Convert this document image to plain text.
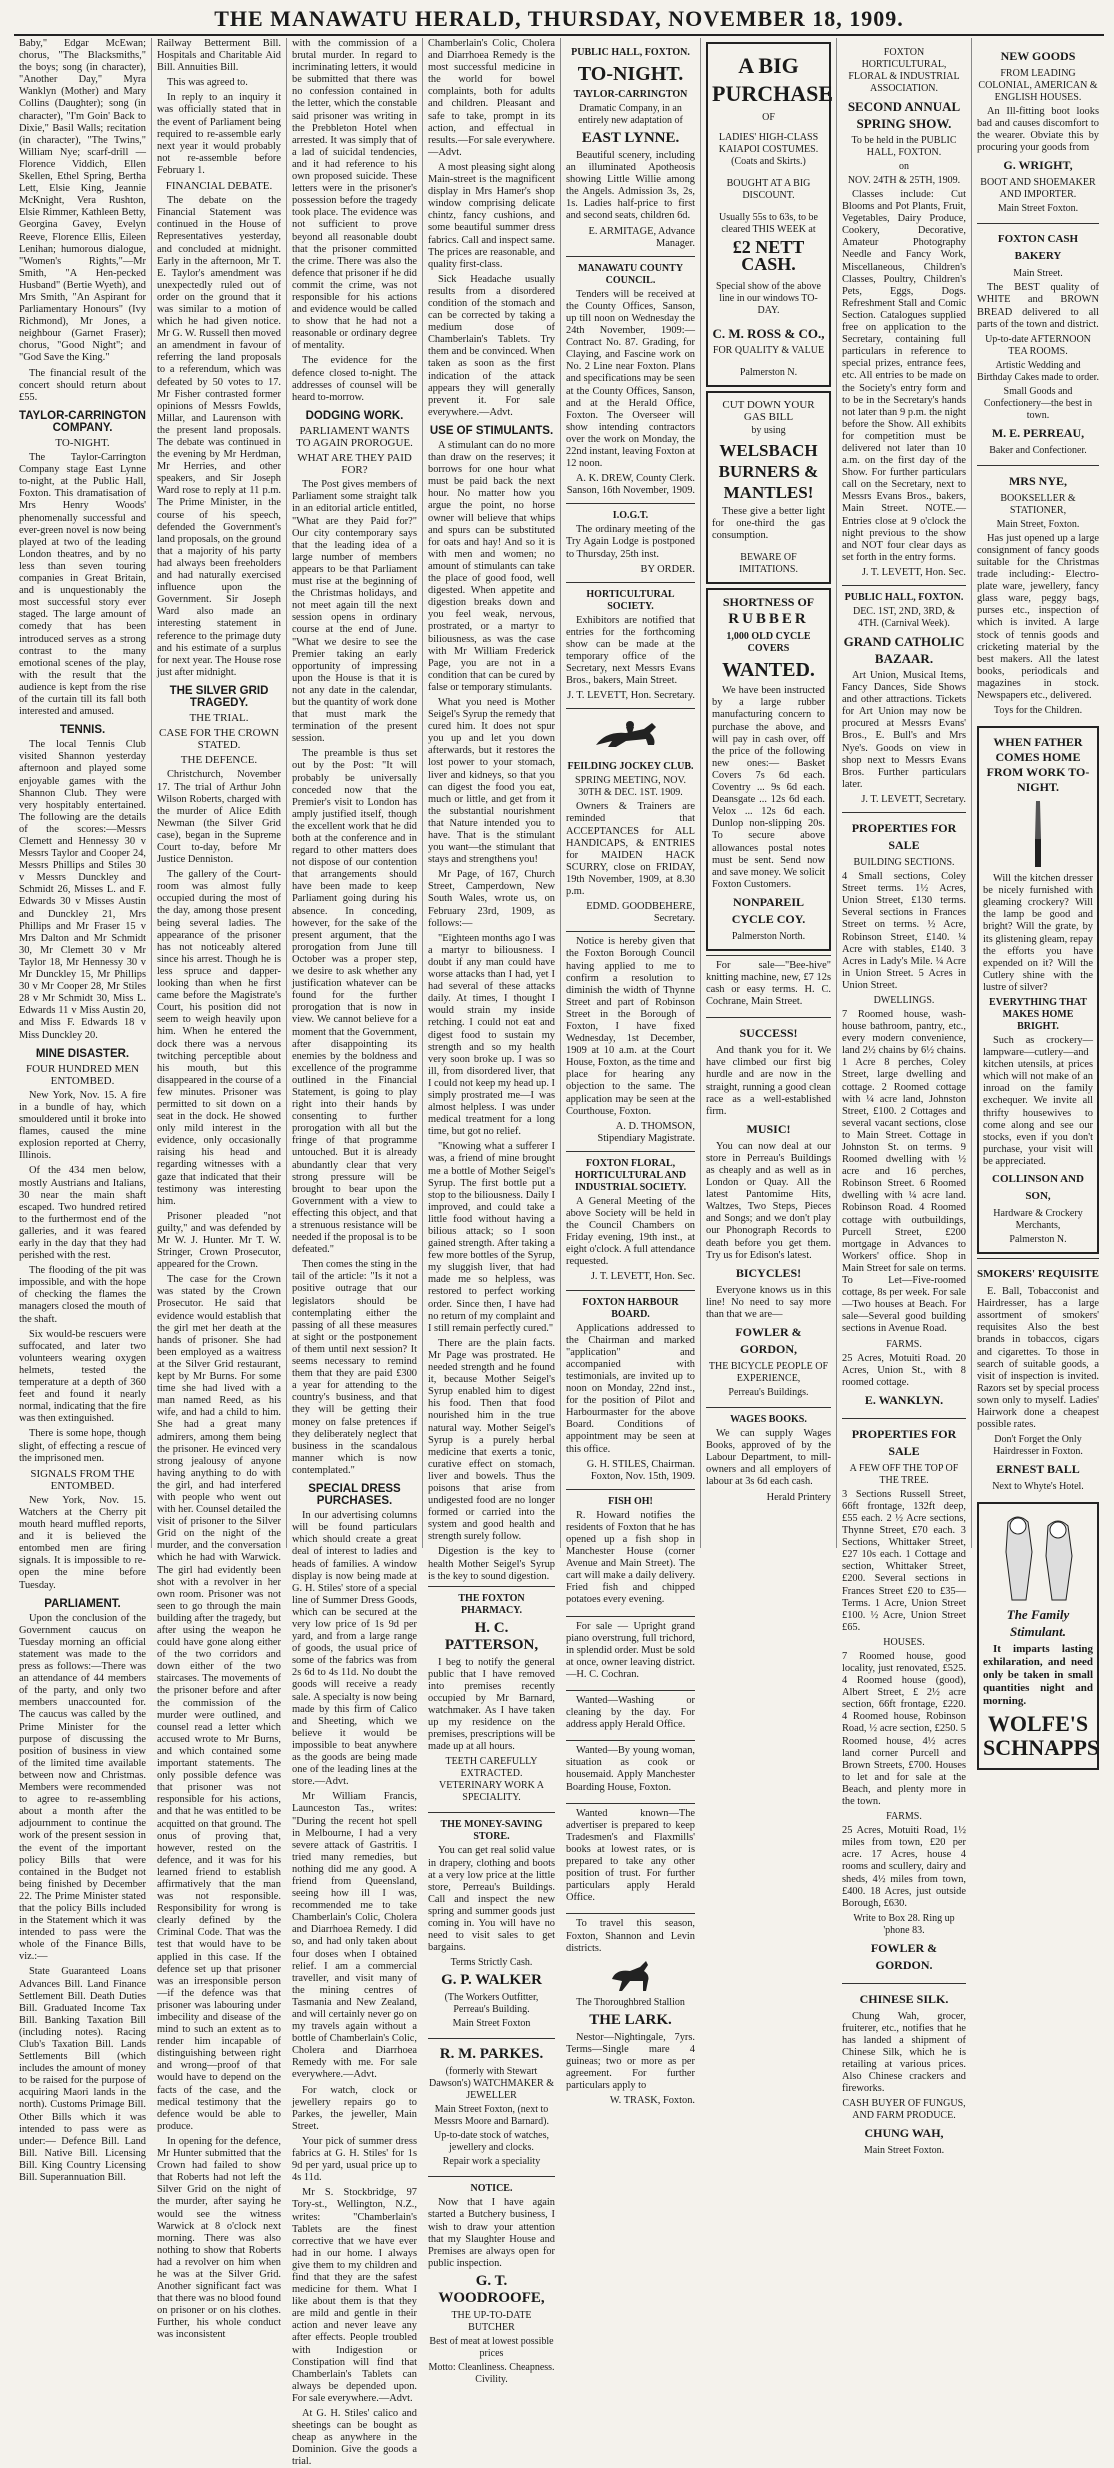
THE MANAWATU HERALD, THURSDAY, NOVEMBER 18, 1909.

Baby," Edgar McEwan; chorus, "The Blacksmiths," the boys; song (in character), "Another Day," Myra Wanklyn (Mother) and Mary Collins (Daughter); song (in character), "I'm Goin' Back to Dixie," Basil Walls; recitation (in character), "The Twins," William Nye; scarf-drill —Florence Viddich, Ellen Skellen, Ethel Spring, Bertha Lett, Elsie King, Jeannie McKnight, Vera Rushton, Elsie Rimmer, Kathleen Betty, Georgina Gavey, Evelyn Reeve, Florence Ellis, Eileen Lenihan; humorous dialogue, "Women's Rights,"—Mr Smith, "A Hen-pecked Husband" (Bertie Wyeth), and Mrs Smith, "An Aspirant for Parliamentary Honours" (Ivy Richmond), Mr Jones, a neighbour (Garnet Fraser); chorus, "Good Night"; and "God Save the King."

The financial result of the concert should return about £55.

TAYLOR-CARRINGTON COMPANY.
TO-NIGHT.

The Taylor-Carrington Company stage East Lynne to-night, at the Public Hall, Foxton. This dramatisation of Mrs Henry Woods' phenomenally successful and ever-green novel is now being played at two of the leading London theatres, and by no less than seven touring companies in Great Britain, and is unquestionably the most successful story ever staged. The large amount of comedy that has been introduced serves as a strong contrast to the many emotional scenes of the play, with the result that the audience is kept from the rise of the curtain till its fall both interested and amused.

TENNIS.

The local Tennis Club visited Shannon yesterday afternoon and played some enjoyable games with the Shannon Club. They were very hospitably entertained. The following are the details of the scores:—Messrs Clemett and Hennessy 30 v Messrs Taylor and Cooper 24, Messrs Phillips and Stiles 30 v Messrs Dunckley and Schmidt 26, Misses L. and F. Edwards 30 v Misses Austin and Dunckley 21, Mrs Phillips and Mr Fraser 15 v Mrs Dalton and Mr Schmidt 30, Mr Clemett 30 v Mr Taylor 18, Mr Hennessy 30 v Mr Dunckley 15, Mr Phillips 30 v Mr Cooper 28, Mr Stiles 28 v Mr Schmidt 30, Miss L. Edwards 11 v Miss Austin 20, and Miss F. Edwards 18 v Miss Dunckley 20.

MINE DISASTER.
FOUR HUNDRED MEN ENTOMBED.

New York, Nov. 15. A fire in a bundle of hay, which smouldered until it broke into flames, caused the mine explosion reported at Cherry, Illinois.

Of the 434 men below, mostly Austrians and Italians, 30 near the main shaft escaped. Two hundred retired to the furthermost end of the galleries, and it was feared early in the day that they had perished with the rest.

The flooding of the pit was impossible, and with the hope of checking the flames the managers closed the mouth of the shaft.

Six would-be rescuers were suffocated, and later two volunteers wearing oxygen helmets, tested the temperature at a depth of 360 feet and found it nearly normal, indicating that the fire was then extinguished.

There is some hope, though slight, of effecting a rescue of the imprisoned men.

SIGNALS FROM THE ENTOMBED.

New York, Nov. 15. Watchers at the Cherry pit mouth heard muffled reports, and it is believed the entombed men are firing signals. It is impossible to re-open the mine before Tuesday.

PARLIAMENT.

Upon the conclusion of the Government caucus on Tuesday morning an official statement was made to the press as follows:—There was an attendance of 44 members of the party, and only two members unaccounted for. The caucus was called by the Prime Minister for the purpose of discussing the position of business in view of the limited time available between now and Christmas. Members were recommended to agree to re-assembling about a month after the adjournment to continue the work of the present session in the event of the important policy Bills that were contained in the Budget not being finished by December 22. The Prime Minister stated that the policy Bills included in the Statement which it was intended to pass were the whole of the Finance Bills, viz.:—

State Guaranteed Loans Advances Bill. Land Finance Settlement Bill. Death Duties Bill. Graduated Income Tax Bill. Banking Taxation Bill (including notes). Racing Club's Taxation Bill. Lands Settlements Bill (which includes the amount of money to be raised for the purpose of acquiring Maori lands in the north). Customs Primage Bill. Other Bills which it was intended to pass were as under:— Defence Bill. Land Bill. Native Bill. Licensing Bill. King Country Licensing Bill. Superannuation Bill.

Railway Betterment Bill. Hospitals and Charitable Aid Bill. Annuities Bill.

This was agreed to.

In reply to an inquiry it was officially stated that in the event of Parliament being required to re-assemble early next year it would probably not re-assemble before February 1.

FINANCIAL DEBATE.

The debate on the Financial Statement was continued in the House of Representatives yesterday, and concluded at midnight. Early in the afternoon, Mr T. E. Taylor's amendment was unexpectedly ruled out of order on the ground that it was similar to a motion of which he had given notice. Mr G. W. Russell then moved an amendment in favour of referring the land proposals to a referendum, which was defeated by 50 votes to 17. Mr Fisher contrasted former opinions of Messrs Fowlds, Millar, and Laurenson with the present land proposals. The debate was continued in the evening by Mr Herdman, Mr Herries, and other speakers, and Sir Joseph Ward rose to reply at 11 p.m. The Prime Minister, in the course of his speech, defended the Government's land proposals, on the ground that a majority of his party had always been freeholders and had naturally exercised influence upon the Government. Sir Joseph Ward also made an interesting statement in reference to the primage duty and his estimate of a surplus for next year. The House rose just after midnight.

THE SILVER GRID TRAGEDY.
THE TRIAL.
CASE FOR THE CROWN STATED.
THE DEFENCE.

Christchurch, November 17. The trial of Arthur John Wilson Roberts, charged with the murder of Alice Edith Newman (the Silver Grid case), began in the Supreme Court to-day, before Mr Justice Denniston.

The gallery of the Court-room was almost fully occupied during the most of the day, among those present being several ladies. The appearance of the prisoner has not noticeably altered since his arrest. Though he is less spruce and dapper-looking than when he first came before the Magistrate's Court, his position did not seem to weigh heavily upon him. When he entered the dock there was a nervous twitching perceptible about his mouth, but this disappeared in the course of a few minutes. Prisoner was permitted to sit down on a seat in the dock. He showed only mild interest in the evidence, only occasionally raising his head and regarding witnesses with a gaze that indicated that their testimony was interesting him.

Prisoner pleaded "not guilty," and was defended by Mr W. J. Hunter. Mr T. W. Stringer, Crown Prosecutor, appeared for the Crown.

The case for the Crown was stated by the Crown Prosecutor. He said that evidence would establish that the girl met her death at the hands of prisoner. She had been employed as a waitress at the Silver Grid restaurant, kept by Mr Burns. For some time she had lived with a man named Reed, as his wife, and had a child to him. She had a great many admirers, among them being the prisoner. He evinced very strong jealousy of anyone having anything to do with the girl, and had interfered with people who went out with her. Counsel detailed the visit of prisoner to the Silver Grid on the night of the murder, and the conversation which he had with Warwick. The girl had evidently been shot with a revolver in her own room. Prisoner was not seen to go through the main building after the tragedy, but after using the weapon he could have gone along either of the two corridors and down either of the two staircases. The movements of the prisoner before and after the commission of the murder were outlined, and counsel read a letter which accused wrote to Mr Burns, and which contained some important statements. The only possible defence was that prisoner was not responsible for his actions, and that he was entitled to be acquitted on that ground. The onus of proving that, however, rested on the defence, and it was for his learned friend to establish affirmatively that the man was not responsible. Responsibility for wrong is clearly defined by the Criminal Code. That was the test that would have to be applied in this case. If the defence set up that prisoner was an irresponsible person—if the defence was that prisoner was labouring under imbecility and disease of the mind to such an extent as to render him incapable of distinguishing between right and wrong—proof of that would have to depend on the facts of the case, and the medical testimony that the defence would be able to produce.

In opening for the defence, Mr Hunter submitted that the Crown had failed to show that Roberts had not left the Silver Grid on the night of the murder, after saying he would see the witness Warwick at 8 o'clock next morning. There was also nothing to show that Roberts had a revolver on him when he was at the Silver Grid. Another significant fact was that there was no blood found on prisoner or on his clothes. Further, his whole conduct was inconsistent

with the commission of a brutal murder. In regard to incriminating letters, it would be submitted that there was no confession contained in the letter, which the constable said prisoner was writing in the Prebbleton Hotel when arrested. It was simply that of a lad of suicidal tendencies, and it had reference to his own proposed suicide. These letters were in the prisoner's possession before the tragedy took place. The evidence was not sufficient to prove beyond all reasonable doubt that the prisoner committed the crime. There was also the defence that prisoner if he did commit the crime, was not responsible for his actions and evidence would be called to show that he had not a reasonable or ordinary degree of mentality.

The evidence for the defence closed to-night. The addresses of counsel will be heard to-morrow.

DODGING WORK.
PARLIAMENT WANTS TO AGAIN PROROGUE.
WHAT ARE THEY PAID FOR?

The Post gives members of Parliament some straight talk in an editorial article entitled, "What are they Paid for?" Our city contemporary says that the leading idea of a large number of members appears to be that Parliament must rise at the beginning of the Christmas holidays, and not meet again till the next session opens in ordinary course at the end of June. "What we desire to see the Premier taking an early opportunity of impressing upon the House is that it is not any date in the calendar, but the quantity of work done that must mark the termination of the present session.

The preamble is thus set out by the Post: "It will probably be universally conceded now that the Premier's visit to London has amply justified itself, though the excellent work that he did both at the conference and in regard to other matters does not dispose of our contention that arrangements should have been made to keep Parliament going during his absence. In conceding, however, for the sake of the present argument, that the prorogation from June till October was a proper step, we desire to ask whether any justification whatever can be found for the further prorogation that is now in view. We cannot believe for a moment that the Government, after disappointing its enemies by the boldness and excellence of the programme outlined in the Financial Statement, is going to play right into their hands by consenting to further prorogation with all but the fringe of that programme untouched. But it is already abundantly clear that very strong pressure will be brought to bear upon the Government with a view to effecting this object, and that a strenuous resistance will be needed if the proposal is to be defeated."

Then comes the sting in the tail of the article: "Is it not a positive outrage that our legislators should be contemplating either the passing of all these measures at sight or the postponement of them until next session? It seems necessary to remind them that they are paid £300 a year for attending to the country's business, and that they will be getting their money on false pretences if they deliberately neglect that business in the scandalous manner which is now contemplated."

SPECIAL DRESS PURCHASES.

In our advertising columns will be found particulars which should create a great deal of interest to ladies and heads of families. A window display is now being made at G. H. Stiles' store of a special line of Summer Dress Goods, which can be secured at the very low price of 1s 9d per yard, and from a large range of goods, the usual price of some of the fabrics was from 2s 6d to 4s 11d. No doubt the goods will receive a ready sale. A specialty is now being made by this firm of Calico and Sheeting, which we believe it would be impossible to beat anywhere as the goods are being made one of the leading lines at the store.—Advt.

Mr William Francis, Launceston Tas., writes: "During the recent hot spell in Melbourne, I had a very severe attack of Gastritis. I tried many remedies, but nothing did me any good. A friend from Queensland, seeing how ill I was, recommended me to take Chamberlain's Colic, Cholera and Diarrhoea Remedy. I did so, and had only taken about four doses when I obtained relief. I am a commercial traveller, and visit many of the mining centres of Tasmania and New Zealand, and will certainly never go on my travels again without a bottle of Chamberlain's Colic, Cholera and Diarrhoea Remedy with me. For sale everywhere.—Advt.

For watch, clock or jewellery repairs go to Parkes, the jeweller, Main Street.

Your pick of summer dress fabrics at G. H. Stiles' for 1s 9d per yard, usual price up to 4s 11d.

Mr S. Stockbridge, 97 Tory-st., Wellington, N.Z., writes: "Chamberlain's Tablets are the finest corrective that we have ever had in our home. I always give them to my children and find that they are the safest medicine for them. What I like about them is that they are mild and gentle in their action and never leave any after effects. People troubled with Indigestion or Constipation will find that Chamberlain's Tablets can always be depended upon. For sale everywhere.—Advt.

At G. H. Stiles' calico and sheetings can be bought as cheap as anywhere in the Dominion. Give the goods a trial.

Chamberlain's Colic, Cholera and Diarrhoea Remedy is the most successful medicine in the world for bowel complaints, both for adults and children. Pleasant and safe to take, prompt in its action, and effectual in results.—For sale everywhere.—Advt.

A most pleasing sight along Main-street is the magnificent display in Mrs Hamer's shop window comprising delicate chintz, fancy cushions, and some beautiful summer dress fabrics. Call and inspect same. The prices are reasonable, and quality first-class.

Sick Headache usually results from a disordered condition of the stomach and can be corrected by taking a medium dose of Chamberlain's Tablets. Try them and be convinced. When taken as soon as the first indication of the attack appears they will generally prevent it. For sale everywhere.—Advt.

USE OF STIMULANTS.

A stimulant can do no more than draw on the reserves; it borrows for one hour what must be paid back the next hour. No matter how you argue the point, no horse owner will believe that whips and spurs can be substituted for oats and hay! And so it is with men and women; no amount of stimulants can take the place of good food, well digested. When appetite and digestion breaks down and you feel weak, nervous, prostrated, or a martyr to biliousness, as was the case with Mr William Frederick Page, you are not in a condition that can be cured by false or temporary stimulants.

What you need is Mother Seigel's Syrup the remedy that cured him. It does not spur you up and let you down afterwards, but it restores the lost power to your stomach, liver and kidneys, so that you can digest the food you eat, much or little, and get from it the substantial nourishment that Nature intended you to have. That is the stimulant you want—the stimulant that stays and strengthens you!

Mr Page, of 167, Church Street, Camperdown, New South Wales, wrote us, on February 23rd, 1909, as follows:—

"Eighteen months ago I was a martyr to biliousness. I doubt if any man could have worse attacks than I had, yet I had several of these attacks daily. At times, I thought I would strain my inside retching. I could not eat and digest food to sustain my strength and so my health very soon broke up. I was so ill, from disordered liver, that I could not keep my head up. I simply prostrated me—I was almost helpless. I was under medical treatment for a long time, but got no relief.

"Knowing what a sufferer I was, a friend of mine brought me a bottle of Mother Seigel's Syrup. The first bottle put a stop to the biliousness. Daily I improved, and could take a little food without having a bilious attack; so I soon gained strength. After taking a few more bottles of the Syrup, my sluggish liver, that had made me so helpless, was restored to perfect working order. Since then, I have had no return of my complaint and I still remain perfectly cured."

There are the plain facts. Mr Page was prostrated. He needed strength and he found it, because Mother Seigel's Syrup enabled him to digest his food. Then that food nourished him in the true natural way. Mother Seigel's Syrup is a purely herbal medicine that exerts a tonic, curative effect on stomach, liver and bowels. Thus the poisons that arise from undigested food are no longer formed or carried into the system and good health and strength surely follow.

Digestion is the key to health Mother Seigel's Syrup is the key to sound digestion.

THE FOXTON PHARMACY.
H. C. PATTERSON,

I beg to notify the general public that I have removed into premises recently occupied by Mr Barnard, watchmaker. As I have taken up my residence on the premises, prescriptions will be made up at all hours.

TEETH CAREFULLY EXTRACTED. VETERINARY WORK A SPECIALITY.
THE MONEY-SAVING STORE.

You can get real solid value in drapery, clothing and boots at a very low price at the little store, Perreau's Buildings. Call and inspect the new spring and summer goods just coming in. You will have no need to visit sales to get bargains.

Terms Strictly Cash.
G. P. WALKER
(The Workers Outfitter, Perreau's Building.
Main Street Foxton
R. M. PARKES.
(formerly with Stewart Dawson's) WATCHMAKER & JEWELLER
Main Street Foxton, (next to Messrs Moore and Barnard).
Up-to-date stock of watches, jewellery and clocks.
Repair work a speciality
NOTICE.

Now that I have again started a Butchery business, I wish to draw your attention that my Slaughter House and Premises are always open for public inspection.

G. T. WOODROOFE,
THE UP-TO-DATE BUTCHER
Best of meat at lowest possible prices
Motto: Cleanliness. Cheapness. Civility.
PUBLIC HALL, FOXTON.
TO-NIGHT.
TAYLOR-CARRINGTON
Dramatic Company, in an entirely new adaptation of
EAST LYNNE.

Beautiful scenery, including an illuminated Apotheosis showing Little Willie among the Angels. Admission 3s, 2s, 1s. Ladies half-price to first and second seats, children 6d.

E. ARMITAGE, Advance Manager.
MANAWATU COUNTY COUNCIL.

Tenders will be received at the County Offices, Sanson, up till noon on Wednesday the 24th November, 1909:— Contract No. 87. Grading, for Claying, and Fascine work on No. 2 Line near Foxton. Plans and specifications may be seen at the County Offices, Sanson, and at the Herald Office, Foxton. The Overseer will show intending contractors over the work on Monday, the 22nd instant, leaving Foxton at 12 noon.

A. K. DREW, County Clerk. Sanson, 16th November, 1909.
I.O.G.T.

The ordinary meeting of the Try Again Lodge is postponed to Thursday, 25th inst.

BY ORDER.
HORTICULTURAL SOCIETY.

Exhibitors are notified that entries for the forthcoming show can be made at the temporary office of the Secretary, next Messrs Evans Bros., bakers, Main Street.

J. T. LEVETT, Hon. Secretary.
FEILDING JOCKEY CLUB.
SPRING MEETING, NOV. 30TH & DEC. 1ST. 1909.

Owners & Trainers are reminded that ACCEPTANCES for ALL HANDICAPS, & ENTRIES for MAIDEN HACK SCURRY, close on FRIDAY, 19th November, 1909, at 8.30 p.m.

EDMD. GOODBEHERE, Secretary.

Notice is hereby given that the Foxton Borough Council having applied to me to confirm a resolution to diminish the width of Thynne Street and part of Robinson Street in the Borough of Foxton, I have fixed Wednesday, 1st December, 1909 at 10 a.m. at the Court House, Foxton, as the time and place for hearing any objection to the same. The application may be seen at the Courthouse, Foxton.

A. D. THOMSON, Stipendiary Magistrate.
FOXTON FLORAL, HORTICULTURAL AND INDUSTRIAL SOCIETY.

A General Meeting of the above Society will be held in the Council Chambers on Friday evening, 19th inst., at eight o'clock. A full attendance requested.

J. T. LEVETT, Hon. Sec.
FOXTON HARBOUR BOARD.

Applications addressed to the Chairman and marked "application" and accompanied with testimonials, are invited up to noon on Monday, 22nd inst., for the position of Pilot and Harbourmaster for the above Board. Conditions of appointment may be seen at this office.

G. H. STILES, Chairman. Foxton, Nov. 15th, 1909.
FISH OH!

R. Howard notifies the residents of Foxton that he has opened up a fish shop in Manchester House (corner Avenue and Main Street). The cart will make a daily delivery. Fried fish and chipped potatoes every evening.

For sale — Upright grand piano overstrung, full trichord, in splendid order. Must be sold at once, owner leaving district.—H. C. Cochran.

Wanted—Washing or cleaning by the day. For address apply Herald Office.

Wanted—By young woman, situation as cook or housemaid. Apply Manchester Boarding House, Foxton.

Wanted known—The advertiser is prepared to keep Tradesmen's and Flaxmills' books at lowest rates, or is prepared to take any other position of trust. For further particulars apply Herald Office.

To travel this season, Foxton, Shannon and Levin districts.

The Thoroughbred Stallion
THE LARK.

Nestor—Nightingale, 7yrs. Terms—Single mare 4 guineas; two or more as per agreement. For further particulars apply to

W. TRASK, Foxton.
A BIG PURCHASE
OF
LADIES' HIGH-CLASS KAIAPOI COSTUMES. (Coats and Skirts.)
BOUGHT AT A BIG DISCOUNT.
Usually 55s to 63s, to be cleared THIS WEEK at
£2 NETT CASH.
Special show of the above line in our windows TO-DAY.
C. M. ROSS & CO.,
FOR QUALITY & VALUE
Palmerston N.
CUT DOWN YOUR GAS BILL
by using
WELSBACH BURNERS & MANTLES!

These give a better light for one-third the gas consumption.

BEWARE OF IMITATIONS.
SHORTNESS OF
RUBBER
1,000 OLD CYCLE COVERS
WANTED.

We have been instructed by a large rubber manufacturing concern to purchase the above, and will pay in cash over, off the price of the following new ones:— Basket Covers 7s 6d each. Coventry ... 9s 6d each. Deansgate ... 12s 6d each. Velox ... 12s 6d each. Dunlop non-slipping 20s. To secure above allowances postal notes must be sent. Send now and save money. We solicit Foxton Customers.

NONPAREIL CYCLE COY.
Palmerston North.

For sale—"Bee-hive" knitting machine, new, £7 12s cash or easy terms. H. C. Cochrane, Main Street.

SUCCESS!

And thank you for it. We have climbed our first big hurdle and are now in the straight, running a good clean race as a well-established firm.

MUSIC!

You can now deal at our store in Perreau's Buildings as cheaply and as well as in London or Quay. All the latest Pantomime Hits, Waltzes, Two Steps, Pieces and Songs; and we don't play our Phonograph Records to death before you get them. Try us for Edison's latest.

BICYCLES!

Everyone knows us in this line! No need to say more than that we are—

FOWLER & GORDON,
THE BICYCLE PEOPLE OF EXPERIENCE,
Perreau's Buildings.
WAGES BOOKS.

We can supply Wages Books, approved of by the Labour Department, to mill-owners and all employers of labour at 3s 6d each cash.

Herald Printery
FOXTON HORTICULTURAL, FLORAL & INDUSTRIAL ASSOCIATION.
SECOND ANNUAL SPRING SHOW.
To be held in the PUBLIC HALL, FOXTON.
on
NOV. 24TH & 25TH, 1909.

Classes include: Cut Blooms and Pot Plants, Fruit, Vegetables, Dairy Produce, Cookery, Decorative, Amateur Photography Needle and Fancy Work, Miscellaneous, Children's Classes, Poultry, Children's Pets, Eggs, Dogs. Refreshment Stall and Comic Section. Catalogues supplied free on application to the Secretary, containing full particulars in reference to special prizes, entrance fees, etc. All entries to be made on the Society's entry form and to be in the Secretary's hands not later than 9 p.m. the night before the Show. All exhibits for competition must be delivered not later than 10 a.m. on the first day of the Show. For further particulars call on the Secretary, next to Messrs Evans Bros., bakers, Main Street. NOTE.—Entries close at 9 o'clock the night previous to the show and NOT four clear days as set forth in the entry forms.

J. T. LEVETT, Hon. Sec.
PUBLIC HALL, FOXTON.
DEC. 1ST, 2ND, 3RD, & 4TH. (Carnival Week).
GRAND CATHOLIC BAZAAR.

Art Union, Musical Items, Fancy Dances, Side Shows and other attractions. Tickets for Art Union may now be procured at Messrs Evans' Bros., E. Bull's and Mrs Nye's. Goods on view in shop next to Messrs Evans Bros. Further particulars later.

J. T. LEVETT, Secretary.
PROPERTIES FOR SALE
BUILDING SECTIONS.

4 Small sections, Coley Street terms. 1½ Acres, Union Street, £130 terms. Several sections in Frances Street on terms. ½ Acre, Robinson Street, £140. ¼ Acre with stables, £140. 3 Acres in Lady's Mile. ¼ Acre in Union Street. 5 Acres in Union Street.

DWELLINGS.

7 Roomed house, wash-house bathroom, pantry, etc., every modern convenience, land 2½ chains by 6½ chains. 1 Acre 8 perches, Coley Street, large dwelling and cottage. 2 Roomed cottage with ¼ acre land, Johnston Street, £100. 2 Cottages and several vacant sections, close to Main Street. Cottage in Johnston St. on terms. 9 Roomed dwelling with ½ acre and 16 perches, Robinson Street. 6 Roomed dwelling with ¼ acre land. Robinson Road. 4 Roomed cottage with outbuildings, Purcell Street, £200 mortgage in Advances to Workers' office. Shop in Main Street for sale on terms. To Let—Five-roomed cottage, 8s per week. For sale—Two houses at Beach. For sale—Several good building sections in Avenue Road.

FARMS.

25 Acres, Motuiti Road. 20 Acres, Union St., with 8 roomed cottage.

E. WANKLYN.
PROPERTIES FOR SALE
A FEW OFF THE TOP OF THE TREE.

3 Sections Russell Street, 66ft frontage, 132ft deep, £55 each. 2 ½ Acre sections, Thynne Street, £70 each. 3 Sections, Whittaker Street, £27 10s each. 1 Cottage and section, Whittaker Street, £200. Several sections in Frances Street £20 to £35—Terms. 1 Acre, Union Street £100. ½ Acre, Union Street £65.

HOUSES.

7 Roomed house, good locality, just renovated, £525. 4 Roomed house (good), Albert Street, £ 2½ acre section, 66ft frontage, £220. 4 Roomed house, Robinson Road, ½ acre section, £250. 5 Roomed house, 4½ acres land corner Purcell and Brown Streets, £700. Houses to let and for sale at the Beach, and plenty more in the town.

FARMS.

25 Acres, Motuiti Road, 1½ miles from town, £20 per acre. 17 Acres, house 4 rooms and scullery, dairy and sheds, 4½ miles from town, £400. 18 Acres, just outside Borough, £630.

Write to Box 28. Ring up 'phone 83.
FOWLER & GORDON.
CHINESE SILK.

Chung Wah, grocer, fruiterer, etc., notifies that he has landed a shipment of Chinese Silk, which he is retailing at various prices. Also Chinese crackers and fireworks.

CASH BUYER OF FUNGUS, AND FARM PRODUCE.
CHUNG WAH,
Main Street Foxton.
NEW GOODS
FROM LEADING COLONIAL, AMERICAN & ENGLISH HOUSES.

An Ill-fitting boot looks bad and causes discomfort to the wearer. Obviate this by procuring your goods from

G. WRIGHT,
BOOT AND SHOEMAKER AND IMPORTER.
Main Street Foxton.
FOXTON CASH BAKERY
Main Street.

The BEST quality of WHITE and BROWN BREAD delivered to all parts of the town and district.

Up-to-date AFTERNOON TEA ROOMS.
Artistic Wedding and Birthday Cakes made to order.
Small Goods and Confectionery—the best in town.
M. E. PERREAU,
Baker and Confectioner.
MRS NYE,
BOOKSELLER & STATIONER,
Main Street, Foxton.

Has just opened up a large consignment of fancy goods suitable for the Christmas trade including:- Electro-plate ware, jewellery, fancy glass ware, peggy bags, purses etc., inspection of which is invited. A large stock of tennis goods and cricketing material by the best makers. All the latest books, periodicals and magazines in stock. Newspapers etc., delivered.

Toys for the Children.
WHEN FATHER COMES HOME FROM WORK TO-NIGHT.

Will the kitchen dresser be nicely furnished with gleaming crockery? Will the lamp be good and bright? Will the grate, by its glistening gleam, repay the efforts you have expended on it? Will the Cutlery shine with the lustre of silver?

EVERYTHING THAT MAKES HOME BRIGHT.

Such as crockery—lampware—cutlery—and kitchen utensils, at prices which will not make of an inroad on the family exchequer. We invite all thrifty housewives to come along and see our stocks, even if you don't purchase, your visit will be appreciated.

COLLINSON AND SON,
Hardware & Crockery Merchants,
Palmerston N.
SMOKERS' REQUISITE

E. Ball, Tobacconist and Hairdresser, has a large assortment of smokers' requisites Also the best brands in tobaccos, cigars and cigarettes. To those in search of suitable goods, a visit of inspection is invited. Razors set by special process sown only to myself. Ladies' Hairwork done a cheapest possible rates.

Don't Forget the Only Hairdresser in Foxton.
ERNEST BALL
Next to Whyte's Hotel.
The Family Stimulant.

It imparts lasting exhilaration, and need only be taken in small quantities night and morning.

WOLFE'S SCHNAPPS
